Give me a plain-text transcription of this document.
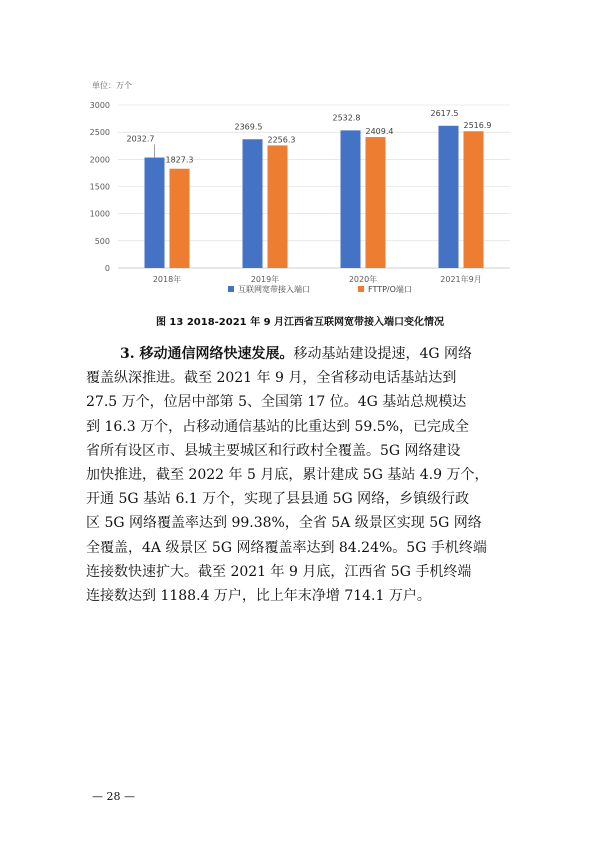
单位：万个
0
500
1000
1500
2000
2500
3000
2032.7
1827.3
2369.5
2256.3
2532.8
2409.4
2617.5
2516.9
2018年	2019年	2020年	2021年9月
互联网宽带接入端口	FTTP/O端口
图 13 2018-2021 年 9 月江西省互联网宽带接入端口变化情况
3. 移动通信网络快速发展。移动基站建设提速，4G 网络
覆盖纵深推进。截至 2021 年 9 月，全省移动电话基站达到
27.5 万个，位居中部第 5、全国第 17 位。4G 基站总规模达
到 16.3 万个，占移动通信基站的比重达到 59.5%，已完成全
省所有设区市、县城主要城区和行政村全覆盖。5G 网络建设
加快推进，截至 2022 年 5 月底，累计建成 5G 基站 4.9 万个，
开通 5G 基站 6.1 万个，实现了县县通 5G 网络，乡镇级行政
区 5G 网络覆盖率达到 99.38%，全省 5A 级景区实现 5G 网络
全覆盖，4A 级景区 5G 网络覆盖率达到 84.24%。5G 手机终端
连接数快速扩大。截至 2021 年 9 月底，江西省 5G 手机终端
连接数达到 1188.4 万户，比上年末净增 714.1 万户。
— 28 —
